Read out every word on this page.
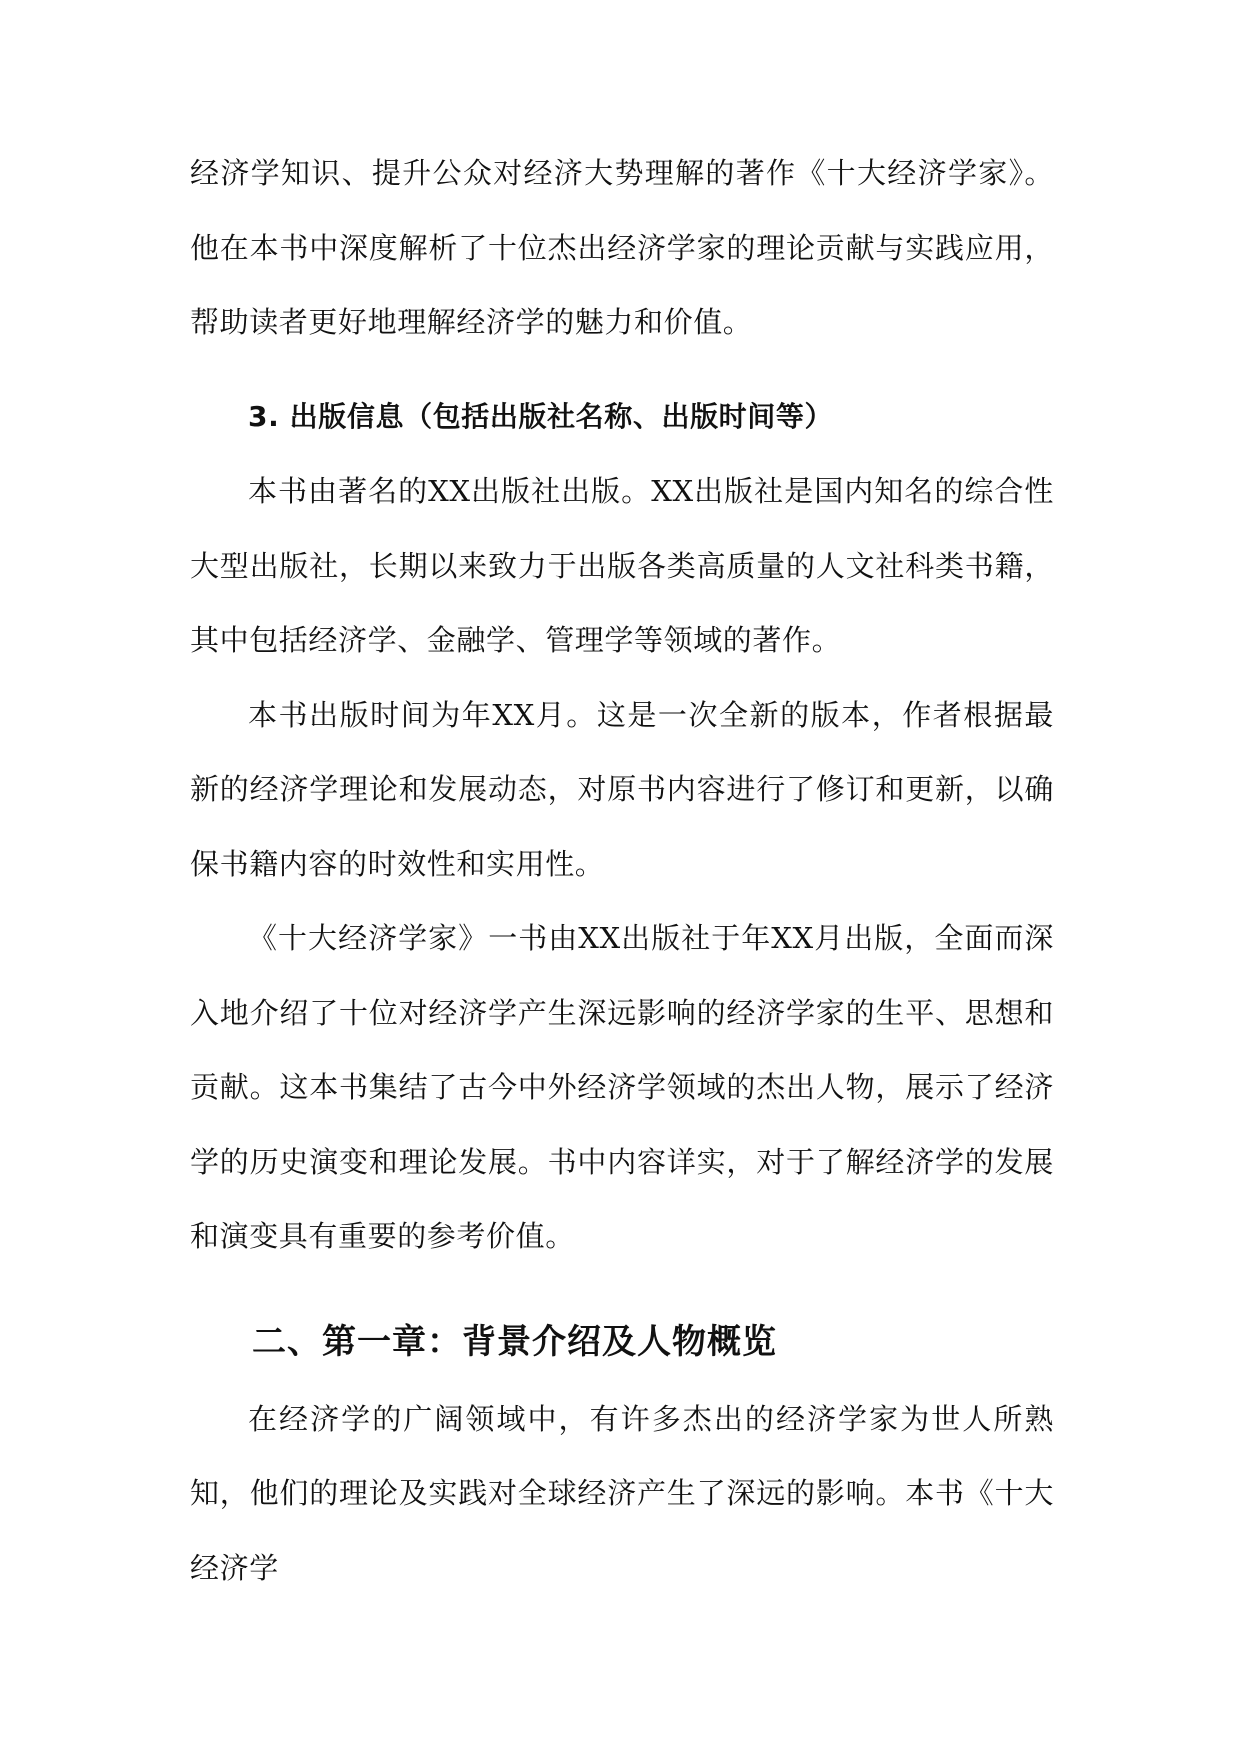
经济学知识、提升公众对经济大势理解的著作《十大经济学家》。他在本书中深度解析了十位杰出经济学家的理论贡献与实践应用，帮助读者更好地理解经济学的魅力和价值。

3. 出版信息（包括出版社名称、出版时间等）

本书由著名的XX出版社出版。XX出版社是国内知名的综合性大型出版社，长期以来致力于出版各类高质量的人文社科类书籍，其中包括经济学、金融学、管理学等领域的著作。

本书出版时间为年XX月。这是一次全新的版本，作者根据最新的经济学理论和发展动态，对原书内容进行了修订和更新，以确保书籍内容的时效性和实用性。

《十大经济学家》一书由XX出版社于年XX月出版，全面而深入地介绍了十位对经济学产生深远影响的经济学家的生平、思想和贡献。这本书集结了古今中外经济学领域的杰出人物，展示了经济学的历史演变和理论发展。书中内容详实，对于了解经济学的发展和演变具有重要的参考价值。

二、第一章：背景介绍及人物概览

在经济学的广阔领域中，有许多杰出的经济学家为世人所熟知，他们的理论及实践对全球经济产生了深远的影响。本书《十大经济学
